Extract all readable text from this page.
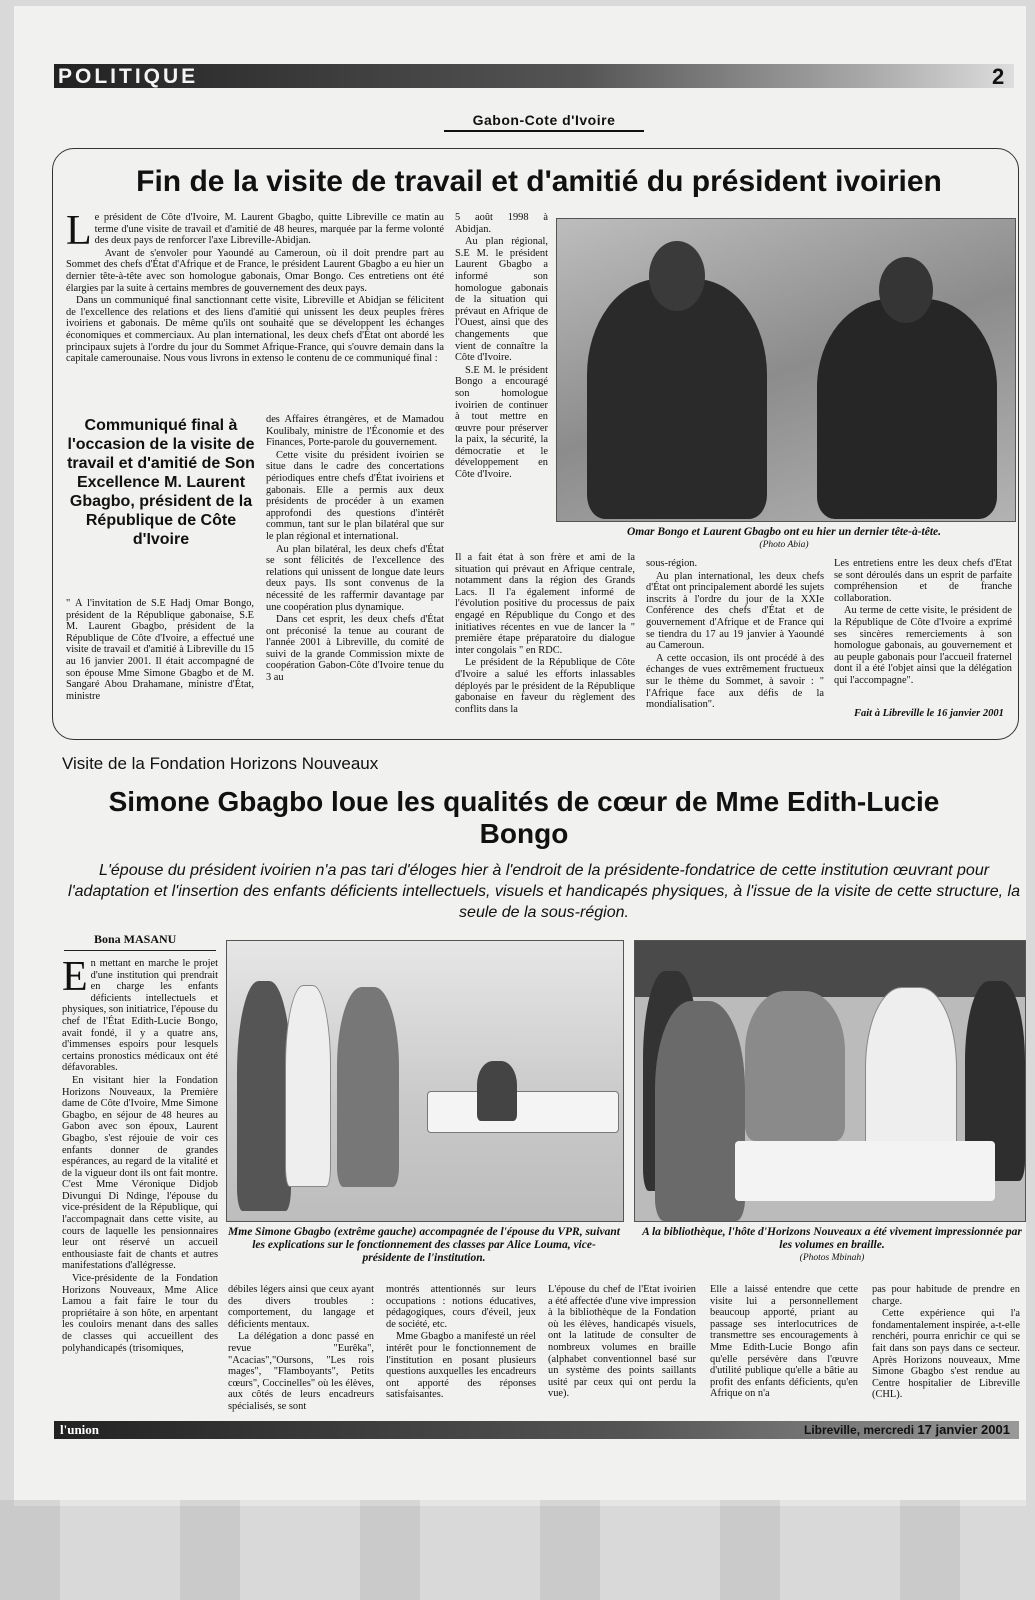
POLITIQUE	2
Gabon-Cote d'Ivoire
Fin de la visite de travail et d'amitié du président ivoirien

Le président de Côte d'Ivoire, M. Laurent Gbagbo, quitte Libreville ce matin au terme d'une visite de travail et d'amitié de 48 heures, marquée par la ferme volonté des deux pays de renforcer l'axe Libreville-Abidjan.

Avant de s'envoler pour Yaoundé au Cameroun, où il doit prendre part au Sommet des chefs d'État d'Afrique et de France, le président Laurent Gbagbo a eu hier un dernier tête-à-tête avec son homologue gabonais, Omar Bongo. Ces entretiens ont été élargies par la suite à certains membres de gouvernement des deux pays.

Dans un communiqué final sanctionnant cette visite, Libreville et Abidjan se félicitent de l'excellence des relations et des liens d'amitié qui unissent les deux peuples frères ivoiriens et gabonais. De même qu'ils ont souhaité que se développent les échanges économiques et commerciaux. Au plan international, les deux chefs d'État ont abordé les principaux sujets à l'ordre du jour du Sommet Afrique-France, qui s'ouvre demain dans la capitale camerounaise. Nous vous livrons in extenso le contenu de ce communiqué final :

5 août 1998 à Abidjan.

Au plan régional, S.E M. le président Laurent Gbagbo a informé son homologue gabonais de la situation qui prévaut en Afrique de l'Ouest, ainsi que des changements que vient de connaître la Côte d'Ivoire.

S.E M. le président Bongo a encouragé son homologue ivoirien de continuer à tout mettre en œuvre pour préserver la paix, la sécurité, la démocratie et le développement en Côte d'Ivoire.

Il a fait état à son frère et ami de la situation qui prévaut en Afrique centrale, notamment dans la région des Grands Lacs. Il l'a également informé de l'évolution positive du processus de paix engagé en République du Congo et des initiatives récentes en vue de lancer la " première étape préparatoire du dialogue inter congolais " en RDC.

Le président de la République de Côte d'Ivoire a salué les efforts inlassables déployés par le président de la République gabonaise en faveur du règlement des conflits dans la

Communiqué final à l'occasion de la visite de travail et d'amitié de Son Excellence M. Laurent Gbagbo, président de la République de Côte d'Ivoire

" À l'invitation de S.E Hadj Omar Bongo, président de la République gabonaise, S.E M. Laurent Gbagbo, président de la République de Côte d'Ivoire, a effectué une visite de travail et d'amitié à Libreville du 15 au 16 janvier 2001. Il était accompagné de son épouse Mme Simone Gbagbo et de M. Sangaré Abou Drahamane, ministre d'État, ministre

des Affaires étrangères, et de Mamadou Koulibaly, ministre de l'Économie et des Finances, Porte-parole du gouvernement.

Cette visite du président ivoirien se situe dans le cadre des concertations périodiques entre chefs d'État ivoiriens et gabonais. Elle a permis aux deux présidents de procéder à un examen approfondi des questions d'intérêt commun, tant sur le plan bilatéral que sur le plan régional et international.

Au plan bilatéral, les deux chefs d'État se sont félicités de l'excellence des relations qui unissent de longue date leurs deux pays. Ils sont convenus de la nécessité de les raffermir davantage par une coopération plus dynamique.

Dans cet esprit, les deux chefs d'État ont préconisé la tenue au courant de l'année 2001 à Libreville, du comité de suivi de la grande Commission mixte de coopération Gabon-Côte d'Ivoire tenue du 3 au

Omar Bongo et Laurent Gbagbo ont eu hier un dernier tête-à-tête.
(Photo Abia)

sous-région.

Au plan international, les deux chefs d'État ont principalement abordé les sujets inscrits à l'ordre du jour de la XXIe Conférence des chefs d'État et de gouvernement d'Afrique et de France qui se tiendra du 17 au 19 janvier à Yaoundé au Cameroun.

A cette occasion, ils ont procédé à des échanges de vues extrêmement fructueux sur le thème du Sommet, à savoir : " l'Afrique face aux défis de la mondialisation".

Les entretiens entre les deux chefs d'État se sont déroulés dans un esprit de parfaite compréhension et de franche collaboration.

Au terme de cette visite, le président de la République de Côte d'Ivoire a exprimé ses sincères remerciements à son homologue gabonais, au gouvernement et au peuple gabonais pour l'accueil fraternel dont il a été l'objet ainsi que la délégation qui l'accompagne".

Fait à Libreville le 16 janvier 2001
Visite de la Fondation Horizons Nouveaux
Simone Gbagbo loue les qualités de cœur de Mme Edith-Lucie Bongo
L'épouse du président ivoirien n'a pas tari d'éloges hier à l'endroit de la présidente-fondatrice de cette institution œuvrant pour l'adaptation et l'insertion des enfants déficients intellectuels, visuels et handicapés physiques, à l'issue de la visite de cette structure, la seule de la sous-région.
Bona MASANU

En mettant en marche le projet d'une institution qui prendrait en charge les enfants déficients intellectuels et physiques, son initiatrice, l'épouse du chef de l'État Edith-Lucie Bongo, avait fondé, il y a quatre ans, d'immenses espoirs pour lesquels certains pronostics médicaux ont été défavorables.

En visitant hier la Fondation Horizons Nouveaux, la Première dame de Côte d'Ivoire, Mme Simone Gbagbo, en séjour de 48 heures au Gabon avec son époux, Laurent Gbagbo, s'est réjouie de voir ces enfants donner de grandes espérances, au regard de la vitalité et de la vigueur dont ils ont fait montre. C'est Mme Véronique Didjob Divungui Di Ndinge, l'épouse du vice-président de la République, qui l'accompagnait dans cette visite, au cours de laquelle les pensionnaires leur ont réservé un accueil enthousiaste fait de chants et autres manifestations d'allégresse.

Vice-présidente de la Fondation Horizons Nouveaux, Mme Alice Lamou a fait faire le tour du propriétaire à son hôte, en arpentant les couloirs menant dans des salles de classes qui accueillent des polyhandicapés (trisomiques,

Mme Simone Gbagbo (extrême gauche) accompagnée de l'épouse du VPR, suivant les explications sur le fonctionnement des classes par Alice Louma, vice-présidente de l'institution.
A la bibliothèque, l'hôte d'Horizons Nouveaux a été vivement impressionnée par les volumes en braille.
(Photos Mbinah)

débiles légers ainsi que ceux ayant des divers troubles : comportement, du langage et déficients mentaux.

La délégation a donc passé en revue "Eurêka", "Acacias","Oursons, "Les rois mages", "Flamboyants", Petits cœurs", Coccinelles" où les élèves, aux côtés de leurs encadreurs spécialisés, se sont

montrés attentionnés sur leurs occupations : notions éducatives, pédagogiques, cours d'éveil, jeux de société, etc.

Mme Gbagbo a manifesté un réel intérêt pour le fonctionnement de l'institution en posant plusieurs questions auxquelles les encadreurs ont apporté des réponses satisfaisantes.

L'épouse du chef de l'État ivoirien a été affectée d'une vive impression à la bibliothèque de la Fondation où les élèves, handicapés visuels, ont la latitude de consulter de nombreux volumes en braille (alphabet conventionnel basé sur un système des points saillants usité par ceux qui ont perdu la vue).

Elle a laissé entendre que cette visite lui a personnellement beaucoup apporté, priant au passage ses interlocutrices de transmettre ses encouragements à Mme Edith-Lucie Bongo afin qu'elle persévère dans l'œuvre d'utilité publique qu'elle a bâtie au profit des enfants déficients, qu'en Afrique on n'a

pas pour habitude de prendre en charge.

Cette expérience qui l'a fondamentalement inspirée, a-t-elle renchéri, pourra enrichir ce qui se fait dans son pays dans ce secteur. Après Horizons nouveaux, Mme Simone Gbagbo s'est rendue au Centre hospitalier de Libreville (CHL).

l'union	Libreville, mercredi 17 janvier 2001
